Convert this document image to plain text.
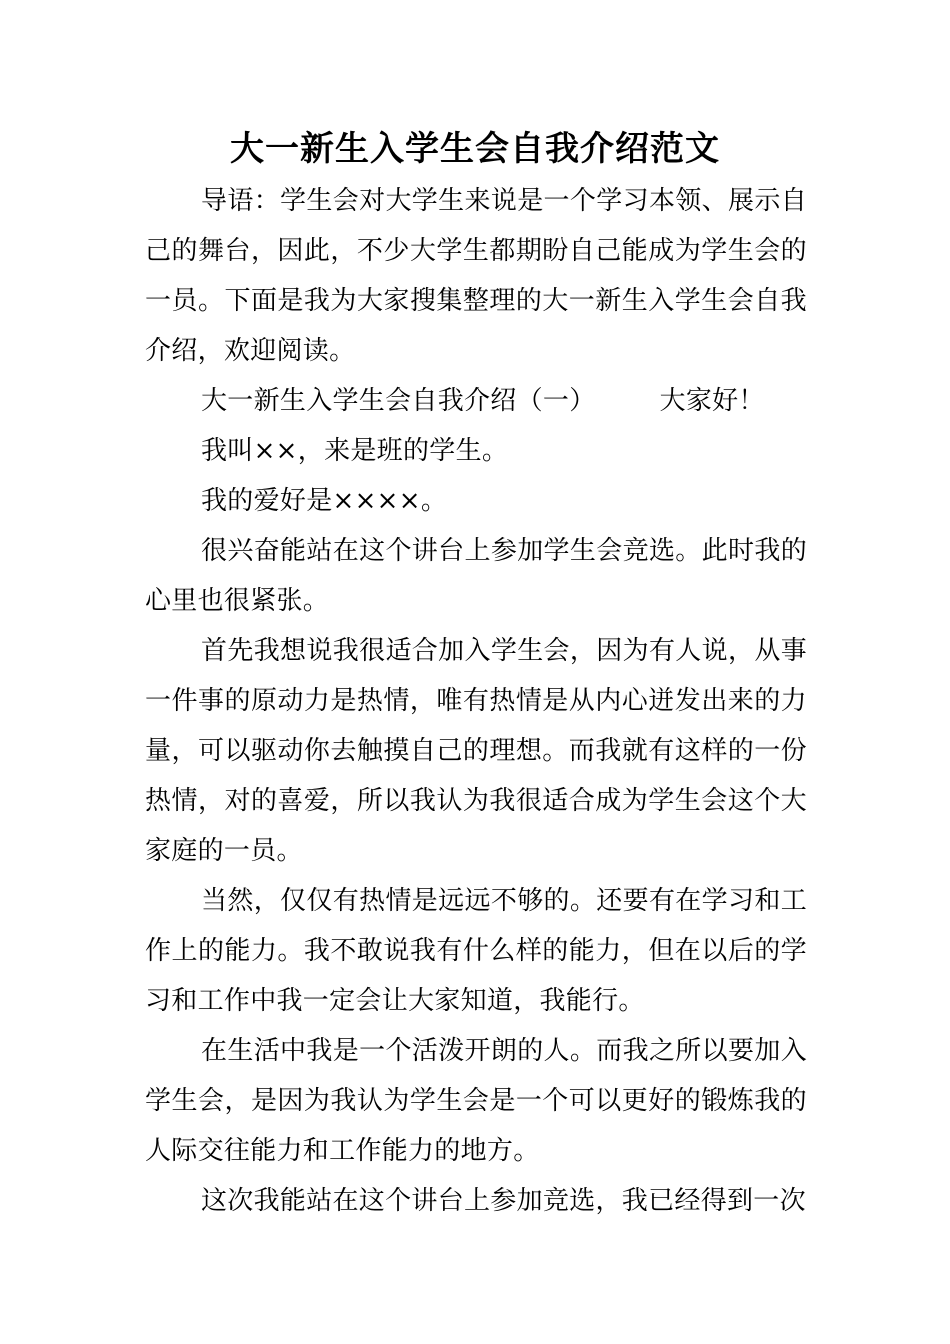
大一新生入学生会自我介绍范文

导语：学生会对大学生来说是一个学习本领、展示自己的舞台，因此，不少大学生都期盼自己能成为学生会的一员。下面是我为大家搜集整理的大一新生入学生会自我介绍，欢迎阅读。

大一新生入学生会自我介绍（一） 大家好！

我叫××，来是班的学生。

我的爱好是××××。

很兴奋能站在这个讲台上参加学生会竞选。此时我的心里也很紧张。

首先我想说我很适合加入学生会，因为有人说，从事一件事的原动力是热情，唯有热情是从内心迸发出来的力量，可以驱动你去触摸自己的理想。而我就有这样的一份热情，对的喜爱，所以我认为我很适合成为学生会这个大家庭的一员。

当然，仅仅有热情是远远不够的。还要有在学习和工作上的能力。我不敢说我有什么样的能力，但在以后的学习和工作中我一定会让大家知道，我能行。

在生活中我是一个活泼开朗的人。而我之所以要加入学生会，是因为我认为学生会是一个可以更好的锻炼我的人际交往能力和工作能力的地方。

这次我能站在这个讲台上参加竞选，我已经得到一次
